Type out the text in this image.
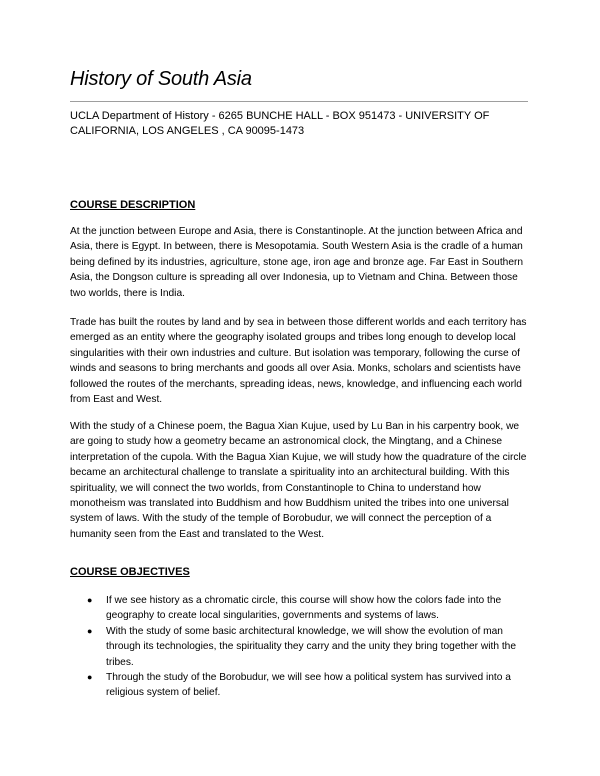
History of South Asia
UCLA Department of History - 6265 BUNCHE HALL - BOX 951473 - UNIVERSITY OF CALIFORNIA, LOS ANGELES , CA 90095-1473
COURSE DESCRIPTION
At the junction between Europe and Asia, there is Constantinople. At the junction between Africa and Asia, there is Egypt. In between, there is Mesopotamia. South Western Asia is the cradle of a human being defined by its industries, agriculture, stone age, iron age and bronze age. Far East in Southern Asia, the Dongson culture is spreading all over Indonesia, up to Vietnam and China. Between those two worlds, there is India.
Trade has built the routes by land and by sea in between those different worlds and each territory has emerged as an entity where the geography isolated groups and tribes long enough to develop local singularities with their own industries and culture. But isolation was temporary, following the curse of winds and seasons to bring merchants and goods all over Asia. Monks, scholars and scientists have followed the routes of the merchants, spreading ideas, news, knowledge, and influencing each world from East and West.
With the study of a Chinese poem, the Bagua Xian Kujue, used by Lu Ban in his carpentry book, we are going to study how a geometry became an astronomical clock, the Mingtang, and a Chinese interpretation of the cupola. With the Bagua Xian Kujue, we will study how the quadrature of the circle became an architectural challenge to translate a spirituality into an architectural building. With this spirituality, we will connect the two worlds, from Constantinople to China to understand how monotheism was translated into Buddhism and how Buddhism united the tribes into one universal system of laws. With the study of the temple of Borobudur, we will connect the perception of a humanity seen from the East and translated to the West.
COURSE OBJECTIVES
● If we see history as a chromatic circle, this course will show how the colors fade into the geography to create local singularities, governments and systems of laws.
● With the study of some basic architectural knowledge, we will show the evolution of man through its technologies, the spirituality they carry and the unity they bring together with the tribes.
● Through the study of the Borobudur, we will see how a political system has survived into a religious system of belief.
